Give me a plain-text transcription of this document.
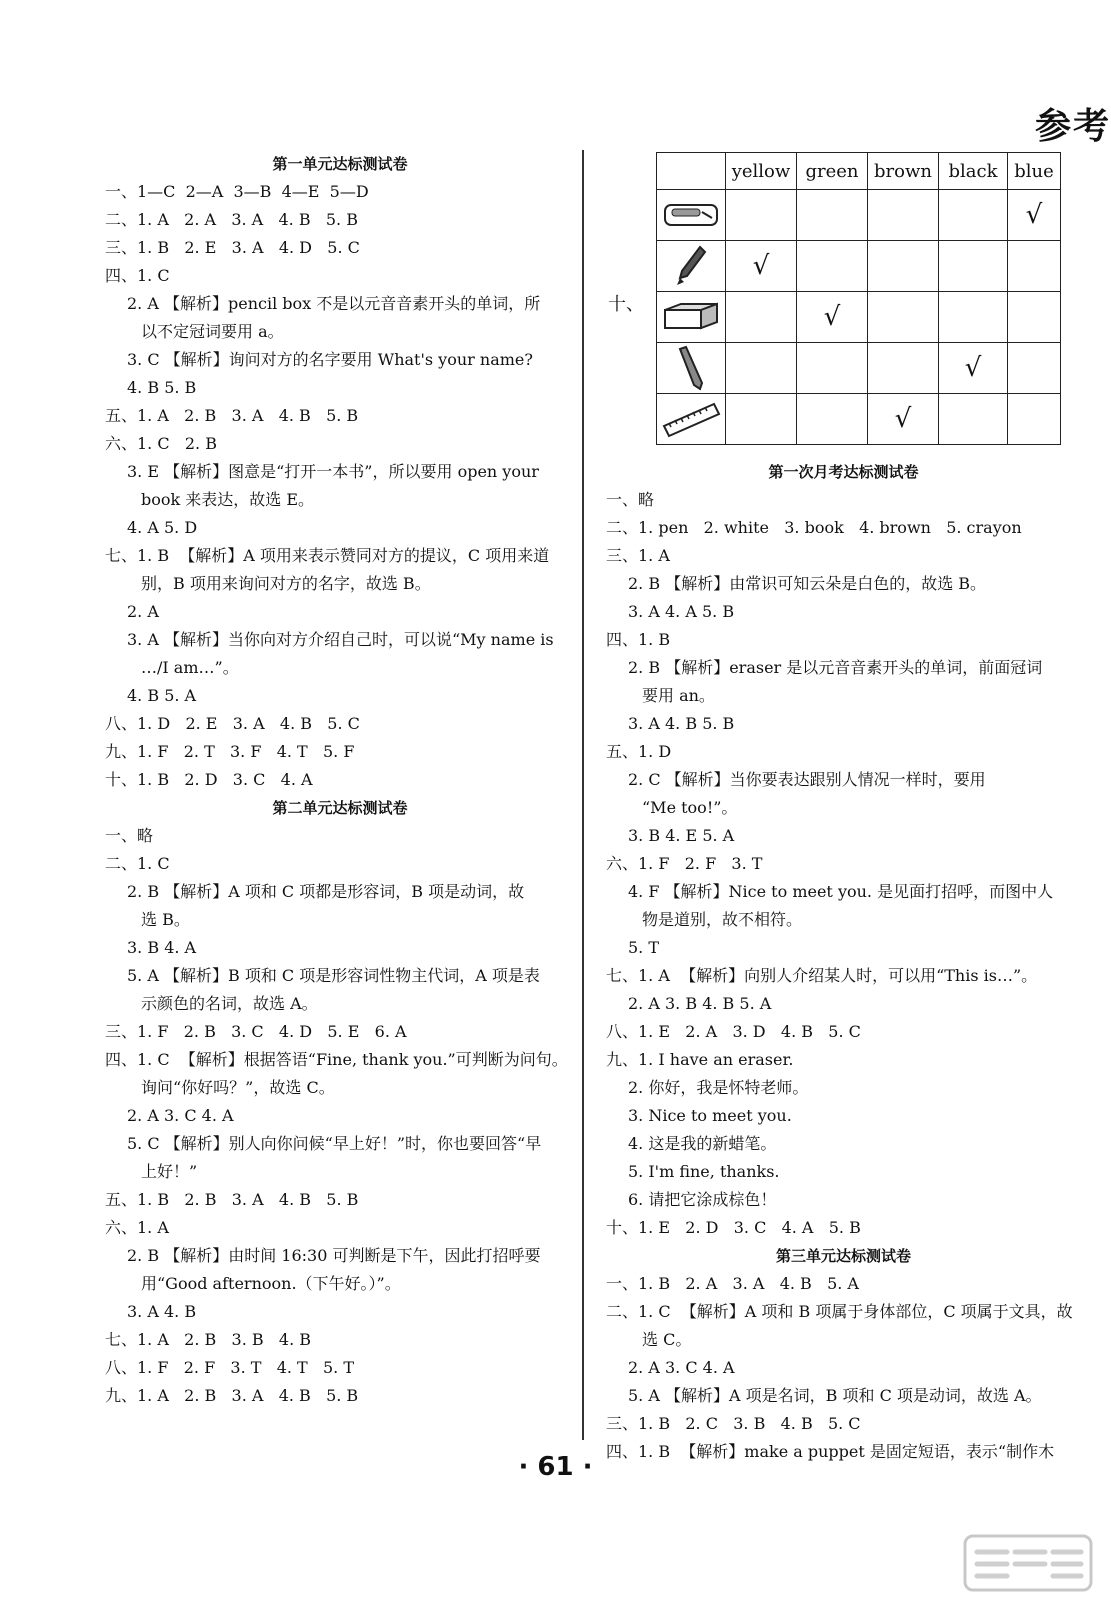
参考
第一单元达标测试卷
一、1—C  2—A  3—B  4—E  5—D
二、1. A   2. A   3. A   4. B   5. B
三、1. B   2. E   3. A   4. D   5. C
四、1. C
2. A 【解析】pencil box 不是以元音音素开头的单词，所
以不定冠词要用 a。
3. C 【解析】询问对方的名字要用 What's your name?
4. B 5. B
五、1. A   2. B   3. A   4. B   5. B
六、1. C   2. B
3. E 【解析】图意是“打开一本书”，所以要用 open your
book 来表达，故选 E。
4. A 5. D
七、1. B  【解析】A 项用来表示赞同对方的提议，C 项用来道
别，B 项用来询问对方的名字，故选 B。
2. A
3. A 【解析】当你向对方介绍自己时，可以说“My name is
…/I am…”。
4. B 5. A
八、1. D   2. E   3. A   4. B   5. C
九、1. F   2. T   3. F   4. T   5. F
十、1. B   2. D   3. C   4. A
第二单元达标测试卷
一、略
二、1. C
2. B 【解析】A 项和 C 项都是形容词，B 项是动词，故
选 B。
3. B 4. A
5. A 【解析】B 项和 C 项是形容词性物主代词，A 项是表
示颜色的名词，故选 A。
三、1. F   2. B   3. C   4. D   5. E   6. A
四、1. C  【解析】根据答语“Fine, thank you.”可判断为问句。
询问“你好吗？”，故选 C。
2. A 3. C 4. A
5. C 【解析】别人向你问候“早上好！”时，你也要回答“早
上好！”
五、1. B   2. B   3. A   4. B   5. B
六、1. A
2. B 【解析】由时间 16:30 可判断是下午，因此打招呼要
用“Good afternoon.（下午好。）”。
3. A 4. B
七、1. A   2. B   3. B   4. B
八、1. F   2. F   3. T   4. T   5. T
九、1. A   2. B   3. A   4. B   5. B
十、
	yellow	green	brown	black	blue

					√

	√				

		√			

				√	

			√		
第一次月考达标测试卷
一、略
二、1. pen   2. white   3. book   4. brown   5. crayon
三、1. A
2. B 【解析】由常识可知云朵是白色的，故选 B。
3. A 4. A 5. B
四、1. B
2. B 【解析】eraser 是以元音音素开头的单词，前面冠词
要用 an。
3. A 4. B 5. B
五、1. D
2. C 【解析】当你要表达跟别人情况一样时，要用
“Me too!”。
3. B 4. E 5. A
六、1. F   2. F   3. T
4. F 【解析】Nice to meet you. 是见面打招呼，而图中人
物是道别，故不相符。
5. T
七、1. A  【解析】向别人介绍某人时，可以用“This is…”。
2. A 3. B 4. B 5. A
八、1. E   2. A   3. D   4. B   5. C
九、1. I have an eraser.
2. 你好，我是怀特老师。
3. Nice to meet you.
4. 这是我的新蜡笔。
5. I'm fine, thanks.
6. 请把它涂成棕色！
十、1. E   2. D   3. C   4. A   5. B
第三单元达标测试卷
一、1. B   2. A   3. A   4. B   5. A
二、1. C  【解析】A 项和 B 项属于身体部位，C 项属于文具，故
选 C。
2. A 3. C 4. A
5. A 【解析】A 项是名词，B 项和 C 项是动词，故选 A。
三、1. B   2. C   3. B   4. B   5. C
四、1. B  【解析】make a puppet 是固定短语，表示“制作木
· 61 ·
